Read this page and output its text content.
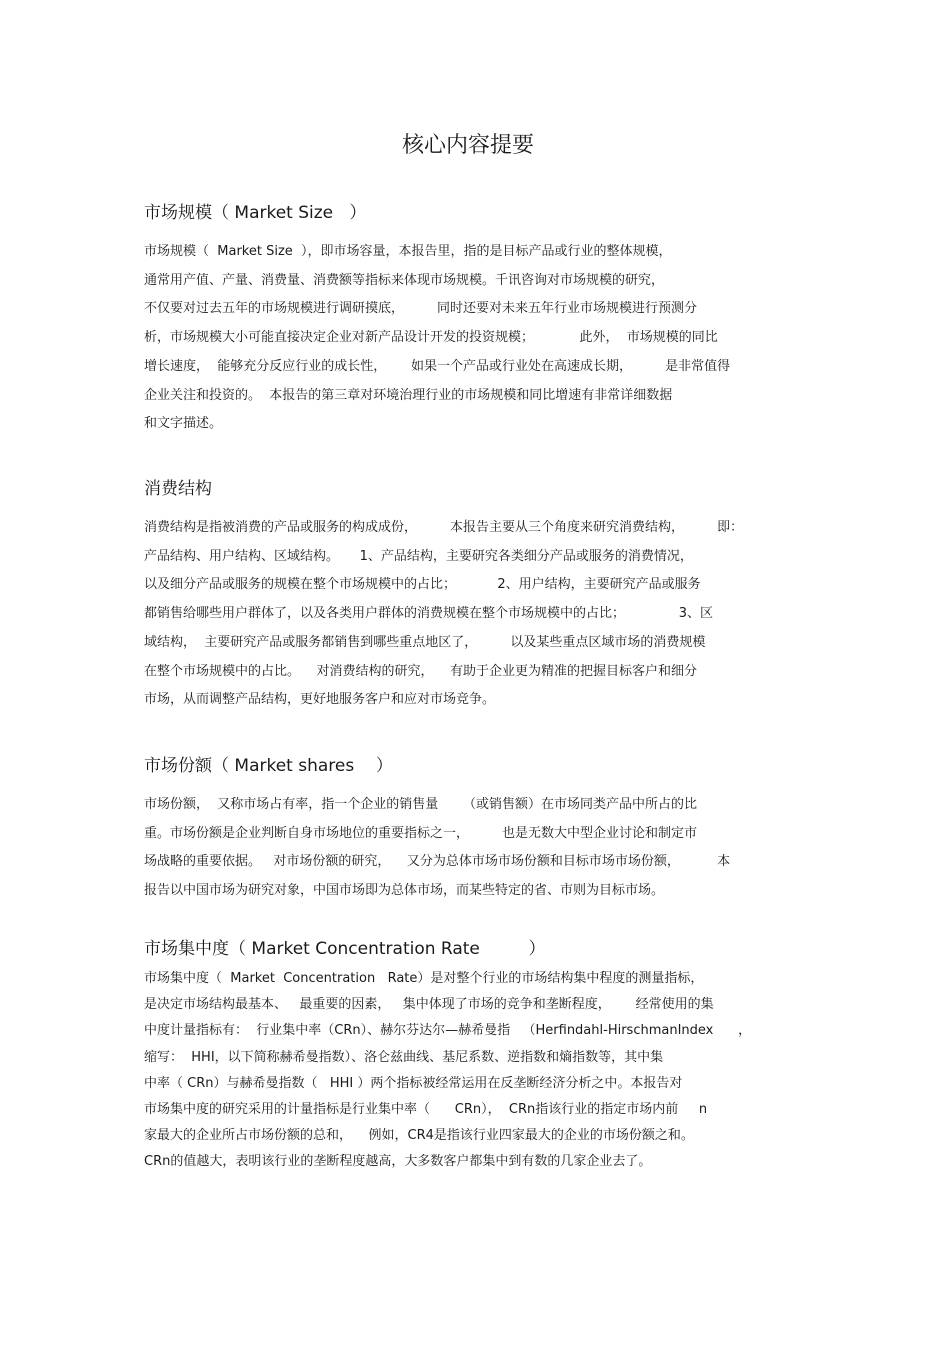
核心内容提要
市场规模（ Market Size   ）

市场规模（  Market Size  ），即市场容量，本报告里，指的是目标产品或行业的整体规模，
通常用产值、产量、消费量、消费额等指标来体现市场规模。千讯咨询对市场规模的研究，
不仅要对过去五年的市场规模进行调研摸底，        同时还要对未来五年行业市场规模进行预测分
析，市场规模大小可能直接决定企业对新产品设计开发的投资规模；           此外，  市场规模的同比
增长速度，  能够充分反应行业的成长性，      如果一个产品或行业处在高速成长期，        是非常值得
企业关注和投资的。  本报告的第三章对环境治理行业的市场规模和同比增速有非常详细数据
和文字描述。

消费结构

消费结构是指被消费的产品或服务的构成成份，        本报告主要从三个角度来研究消费结构，        即：
产品结构、用户结构、区域结构。     1、产品结构，主要研究各类细分产品或服务的消费情况，
以及细分产品或服务的规模在整个市场规模中的占比；          2、用户结构，主要研究产品或服务
都销售给哪些用户群体了，以及各类用户群体的消费规模在整个市场规模中的占比；             3、区
域结构，  主要研究产品或服务都销售到哪些重点地区了，        以及某些重点区域市场的消费规模
在整个市场规模中的占比。    对消费结构的研究，    有助于企业更为精准的把握目标客户和细分
市场，从而调整产品结构，更好地服务客户和应对市场竞争。

市场份额（ Market shares    ）

市场份额，  又称市场占有率，指一个企业的销售量      （或销售额）在市场同类产品中所占的比
重。市场份额是企业判断自身市场地位的重要指标之一，        也是无数大中型企业讨论和制定市
场战略的重要依据。   对市场份额的研究，    又分为总体市场市场份额和目标市场市场份额，         本
报告以中国市场为研究对象，中国市场即为总体市场，而某些特定的省、市则为目标市场。

市场集中度（ Market Concentration Rate         ）

市场集中度（  Market  Concentration   Rate）是对整个行业的市场结构集中程度的测量指标，
是决定市场结构最基本、   最重要的因素，   集中体现了市场的竞争和垄断程度，      经常使用的集
中度计量指标有：  行业集中率（CRn）、赫尔芬达尔—赫希曼指   （Herfindahl-HirschmanIndex      ，
缩写：  HHI，以下简称赫希曼指数）、洛仑兹曲线、基尼系数、逆指数和熵指数等，其中集
中率（ CRn）与赫希曼指数（   HHI ）两个指标被经常运用在反垄断经济分析之中。本报告对
市场集中度的研究采用的计量指标是行业集中率（      CRn），  CRn指该行业的指定市场内前     n
家最大的企业所占市场份额的总和，    例如，CR4是指该行业四家最大的企业的市场份额之和。
CRn的值越大，表明该行业的垄断程度越高，大多数客户都集中到有数的几家企业去了。
